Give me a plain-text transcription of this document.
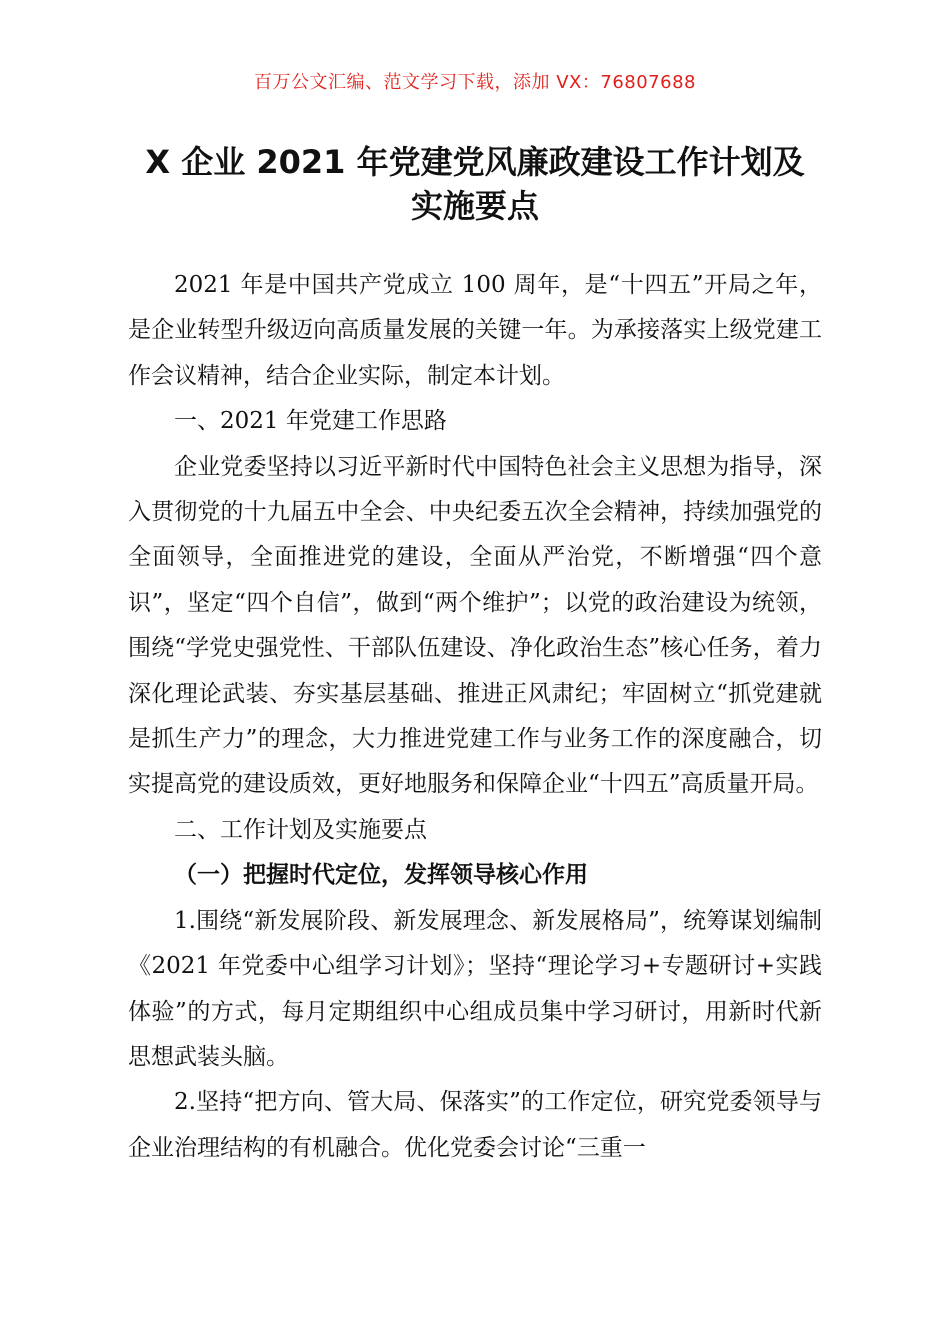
百万公文汇编、范文学习下载，添加 VX：76807688
X 企业 2021 年党建党风廉政建设工作计划及
实施要点

2021 年是中国共产党成立 100 周年，是“十四五”开局之年，是企业转型升级迈向高质量发展的关键一年。为承接落实上级党建工作会议精神，结合企业实际，制定本计划。

一、2021 年党建工作思路

企业党委坚持以习近平新时代中国特色社会主义思想为指导，深入贯彻党的十九届五中全会、中央纪委五次全会精神，持续加强党的全面领导，全面推进党的建设，全面从严治党，不断增强“四个意识”，坚定“四个自信”，做到“两个维护”；以党的政治建设为统领，围绕“学党史强党性、干部队伍建设、净化政治生态”核心任务，着力深化理论武装、夯实基层基础、推进正风肃纪；牢固树立“抓党建就是抓生产力”的理念，大力推进党建工作与业务工作的深度融合，切实提高党的建设质效，更好地服务和保障企业“十四五”高质量开局。

二、工作计划及实施要点

（一）把握时代定位，发挥领导核心作用

1.围绕“新发展阶段、新发展理念、新发展格局”，统筹谋划编制《2021 年党委中心组学习计划》；坚持“理论学习+专题研讨+实践体验”的方式，每月定期组织中心组成员集中学习研讨，用新时代新思想武装头脑。

2.坚持“把方向、管大局、保落实”的工作定位，研究党委领导与企业治理结构的有机融合。优化党委会讨论“三重一
